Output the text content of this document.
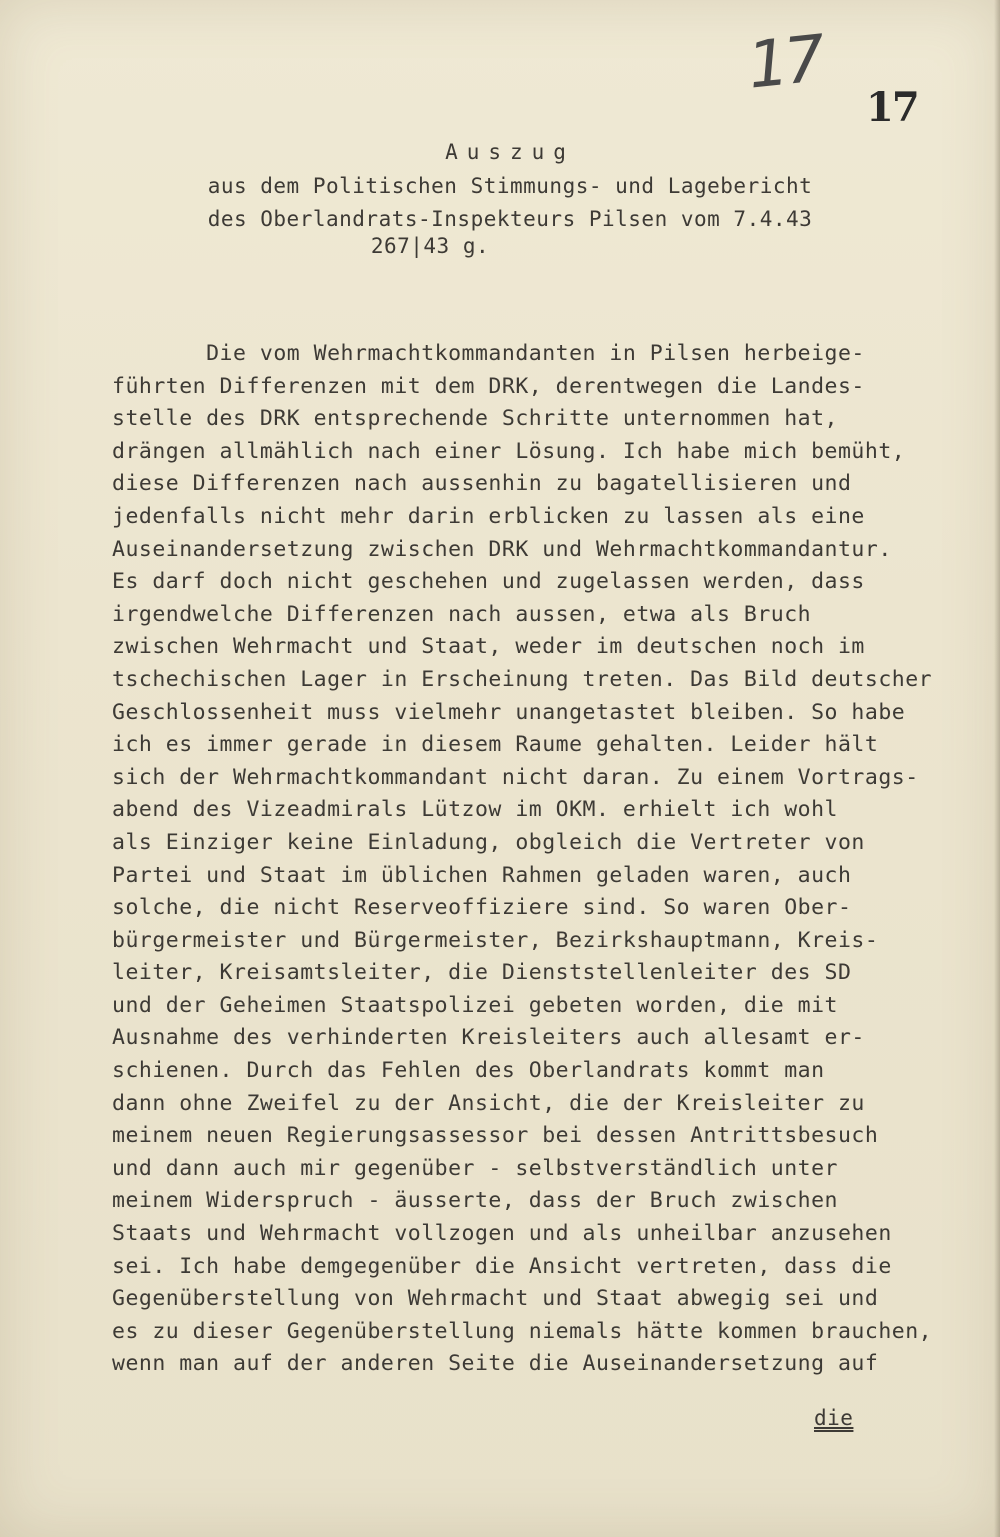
17
17
Auszug
aus dem Politischen Stimmungs- und Lagebericht
des Oberlandrats-Inspekteurs Pilsen vom 7.4.43
267|43 g.
Die vom Wehrmachtkommandanten in Pilsen herbeige-
führten Differenzen mit dem DRK, derentwegen die Landes-
stelle des DRK entsprechende Schritte unternommen hat,
drängen allmählich nach einer Lösung. Ich habe mich bemüht,
diese Differenzen nach aussenhin zu bagatellisieren und
jedenfalls nicht mehr darin erblicken zu lassen als eine
Auseinandersetzung zwischen DRK und Wehrmachtkommandantur.
Es darf doch nicht geschehen und zugelassen werden, dass
irgendwelche Differenzen nach aussen, etwa als Bruch
zwischen Wehrmacht und Staat, weder im deutschen noch im
tschechischen Lager in Erscheinung treten. Das Bild deutscher
Geschlossenheit muss vielmehr unangetastet bleiben. So habe
ich es immer gerade in diesem Raume gehalten. Leider hält
sich der Wehrmachtkommandant nicht daran. Zu einem Vortrags-
abend des Vizeadmirals Lützow im OKM. erhielt ich wohl
als Einziger keine Einladung, obgleich die Vertreter von
Partei und Staat im üblichen Rahmen geladen waren, auch
solche, die nicht Reserveoffiziere sind. So waren Ober-
bürgermeister und Bürgermeister, Bezirkshauptmann, Kreis-
leiter, Kreisamtsleiter, die Dienststellenleiter des SD
und der Geheimen Staatspolizei gebeten worden, die mit
Ausnahme des verhinderten Kreisleiters auch allesamt er-
schienen. Durch das Fehlen des Oberlandrats kommt man
dann ohne Zweifel zu der Ansicht, die der Kreisleiter zu
meinem neuen Regierungsassessor bei dessen Antrittsbesuch
und dann auch mir gegenüber - selbstverständlich unter
meinem Widerspruch - äusserte, dass der Bruch zwischen
Staats und Wehrmacht vollzogen und als unheilbar anzusehen
sei. Ich habe demgegenüber die Ansicht vertreten, dass die
Gegenüberstellung von Wehrmacht und Staat abwegig sei und
es zu dieser Gegenüberstellung niemals hätte kommen brauchen,
wenn man auf der anderen Seite die Auseinandersetzung auf
die
